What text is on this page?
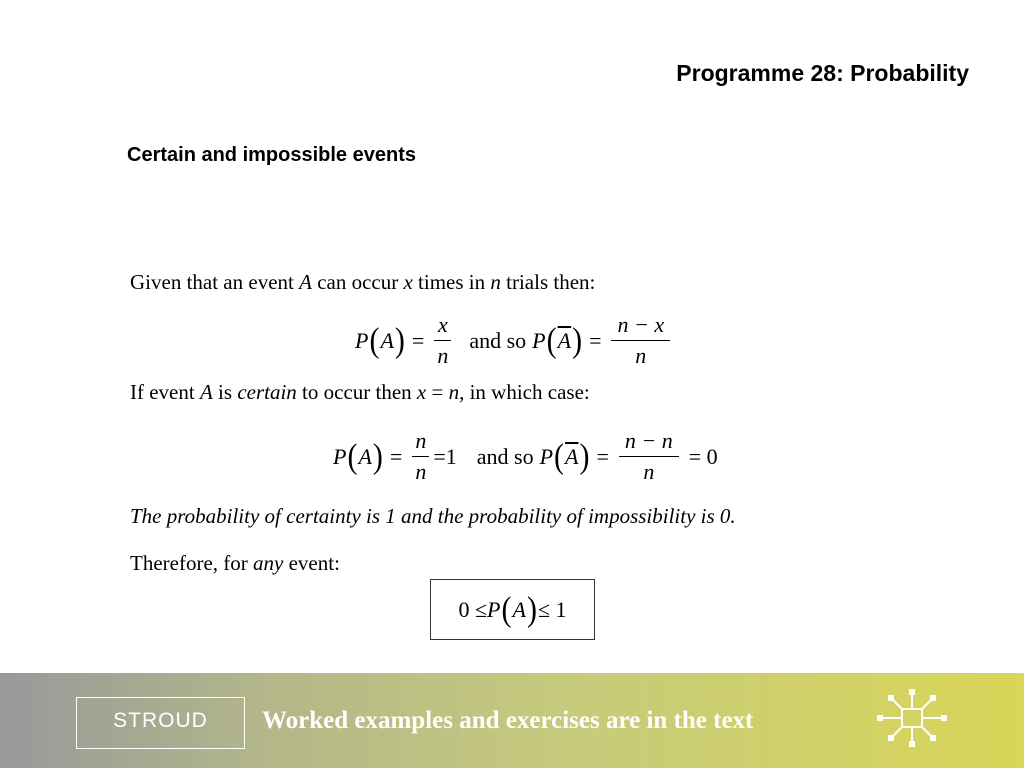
Programme 28: Probability
Certain and impossible events
Given that an event A can occur x times in n trials then:
P ( A ) = $\frac{x}{n}$ and so P ( $\overline{A}$ ) = $\frac{n - x}{n}$
If event A is certain to occur then x = n, in which case:
P ( A ) = $\frac{n}{n} =1$ and so P ( $\overline{A}$ ) = $\frac{n - n}{n} = 0$
The probability of certainty is 1 and the probability of impossibility is 0.
Therefore, for any event:
0 ≤ P ( A ) ≤ 1
STROUD	Worked examples and exercises are in the text
